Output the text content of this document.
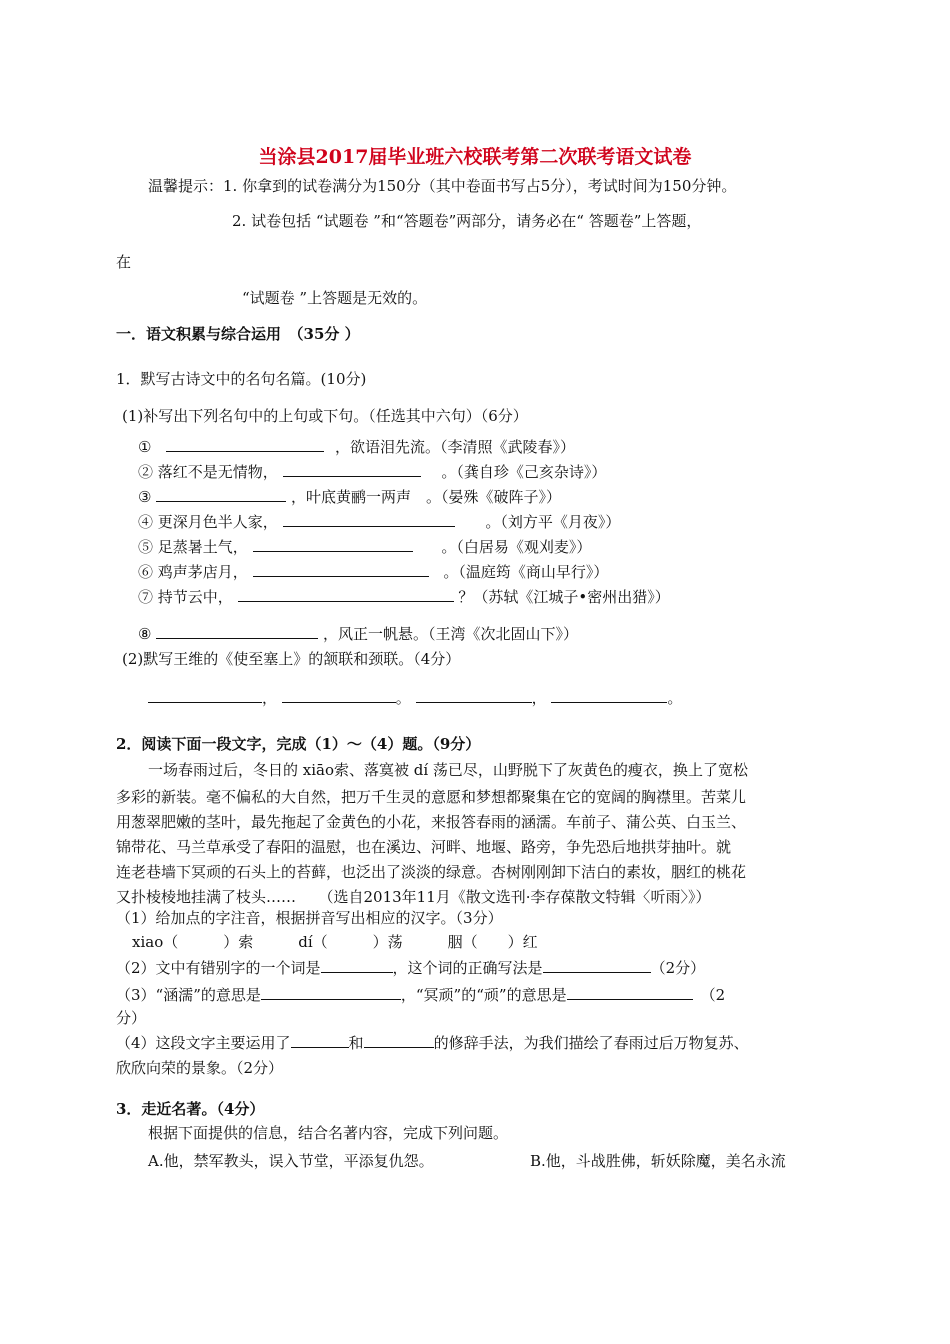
当涂县2017届毕业班六校联考第二次联考语文试卷
温馨提示：1. 你拿到的试卷满分为150分（其中卷面书写占5分），考试时间为150分钟。
2. 试卷包括 “试题卷 ”和“答题卷”两部分，请务必在“ 答题卷”上答题，
在
“试题卷 ”上答题是无效的。
一．语文积累与综合运用　（35分 ）
1．默写古诗文中的名句名篇。(10分)
(1)补写出下列名句中的上句或下句。（任选其中六句）（6分）
①	，欲语泪先流。（李清照《武陵春》）
② 落红不是无情物，	。（龚自珍《己亥杂诗》）
③	，叶底黄鹂一两声　。（晏殊《破阵子》）
④ 更深月色半人家，	。（刘方平《月夜》）
⑤ 足蒸暑土气，	。（白居易《观刈麦》）
⑥ 鸡声茅店月，	。（温庭筠《商山早行》）
⑦ 持节云中，	？（苏轼《江城子•密州出猎》）
⑧	，风正一帆悬。（王湾《次北固山下》）
(2)默写王维的《使至塞上》的颔联和颈联。（4分）
，	。	，	。
2．阅读下面一段文字，完成（1）～（4）题。（9分）
一场春雨过后，冬日的 xiāo索、落寞被 dí 荡已尽，山野脱下了灰黄色的瘦衣，换上了宽松
多彩的新装。毫不偏私的大自然，把万千生灵的意愿和梦想都聚集在它的宽阔的胸襟里。苦菜儿
用葱翠肥嫩的茎叶，最先拖起了金黄色的小花，来报答春雨的涵濡。车前子、蒲公英、白玉兰、
锦带花、马兰草承受了春阳的温慰，也在溪边、河畔、地堰、路旁，争先恐后地拱芽抽叶。就
连老巷墙下冥顽的石头上的苔藓，也泛出了淡淡的绿意。杏树刚刚卸下洁白的素妆，胭红的桃花
又扑棱棱地挂满了枝头……　　（选自2013年11月《散文选刊·李存葆散文特辑〈听雨〉》）
（1）给加点的字注音，根据拼音写出相应的汉字。（3分）
xiao（　　　）索　　　dí（　　　）荡　　　胭（　　）红
（2）文中有错别字的一个词是	，这个词的正确写法是	（2分）
（3）“涵濡”的意思是	，“冥顽”的“顽”的意思是	（2
分）
（4）这段文字主要运用了	和	的修辞手法，为我们描绘了春雨过后万物复苏、
欣欣向荣的景象。（2分）
3．走近名著。（4分）
根据下面提供的信息，结合名著内容，完成下列问题。
A.他，禁军教头，误入节堂，平添复仇怨。	B.他，斗战胜佛，斩妖除魔，美名永流
